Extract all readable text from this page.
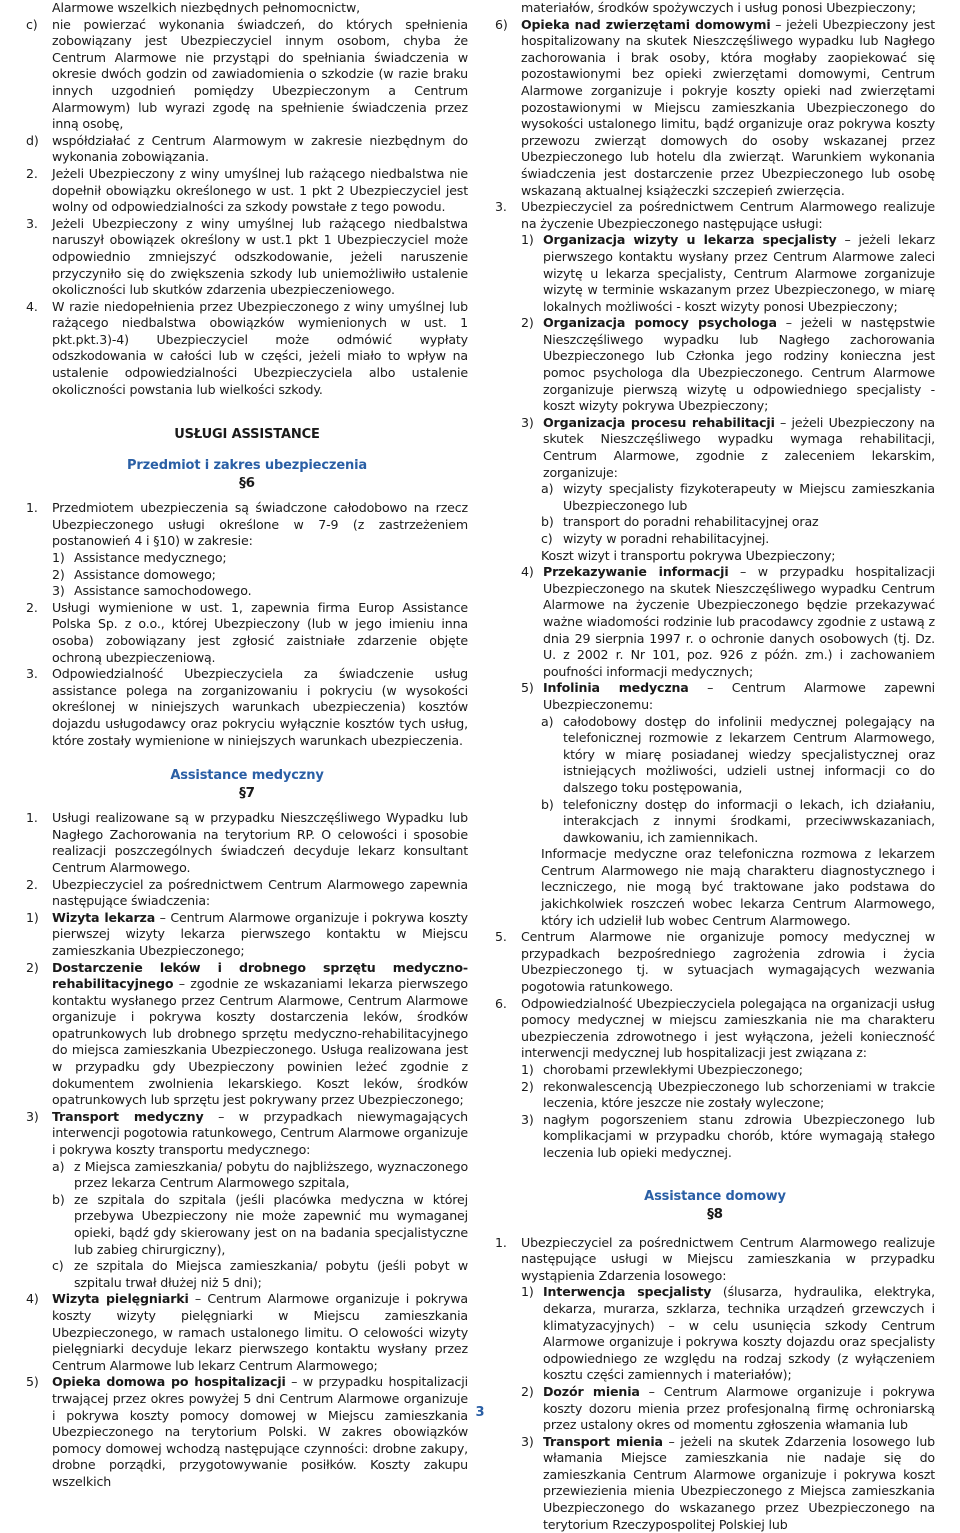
Alarmowe wszelkich niezbędnych pełnomocnictw,

c)	nie powierzać wykonania świadczeń, do których spełnienia zobowiązany jest Ubezpieczyciel innym osobom, chyba że Centrum Alarmowe nie przystąpi do spełniania świadczenia w okresie dwóch godzin od zawiadomienia o szkodzie (w razie braku innych uzgodnień pomiędzy Ubezpieczonym a Centrum Alarmowym) lub wyrazi zgodę na spełnienie świadczenia przez inną osobę,
d)	współdziałać z Centrum Alarmowym w zakresie niezbędnym do wykonania zobowiązania.
2.	Jeżeli Ubezpieczony z winy umyślnej lub rażącego niedbalstwa nie dopełnił obowiązku określonego w ust. 1 pkt 2 Ubezpieczyciel jest wolny od odpowiedzialności za szkody powstałe z tego powodu.
3.	Jeżeli Ubezpieczony z winy umyślnej lub rażącego niedbalstwa naruszył obowiązek określony w ust.1 pkt 1 Ubezpieczyciel może odpowiednio zmniejszyć odszkodowanie, jeżeli naruszenie przyczyniło się do zwiększenia szkody lub uniemożliwiło ustalenie okoliczności lub skutków zdarzenia ubezpieczeniowego.
4.	W razie niedopełnienia przez Ubezpieczonego z winy umyślnej lub rażącego niedbalstwa obowiązków wymienionych w ust. 1 pkt.pkt.3)-4) Ubezpieczyciel może odmówić wypłaty odszkodowania w całości lub w części, jeżeli miało to wpływ na ustalenie odpowiedzialności Ubezpieczyciela albo ustalenie okoliczności powstania lub wielkości szkody.

USŁUGI ASSISTANCE

Przedmiot i zakres ubezpieczenia

§6

1.	Przedmiotem ubezpieczenia są świadczone całodobowo na rzecz Ubezpieczonego usługi określone w 7-9 (z zastrzeżeniem postanowień 4 i §10) w zakresie:
1) Assistance medycznego;
2) Assistance domowego;
3) Assistance samochodowego.
2.	Usługi wymienione w ust. 1, zapewnia firma Europ Assistance Polska Sp. z o.o., której Ubezpieczony (lub w jego imieniu inna osoba) zobowiązany jest zgłosić zaistniałe zdarzenie objęte ochroną ubezpieczeniową.
3.	Odpowiedzialność Ubezpieczyciela za świadczenie usług assistance polega na zorganizowaniu i pokryciu (w wysokości określonej w niniejszych warunkach ubezpieczenia) kosztów dojazdu usługodawcy oraz pokryciu wyłącznie kosztów tych usług, które zostały wymienione w niniejszych warunkach ubezpieczenia.

Assistance medyczny

§7

1.	Usługi realizowane są w przypadku Nieszczęśliwego Wypadku lub Nagłego Zachorowania na terytorium RP. O celowości i sposobie realizacji poszczególnych świadczeń decyduje lekarz konsultant Centrum Alarmowego.
2.	Ubezpieczyciel za pośrednictwem Centrum Alarmowego zapewnia następujące świadczenia:
1)	Wizyta lekarza – Centrum Alarmowe organizuje i pokrywa koszty pierwszej wizyty lekarza pierwszego kontaktu w Miejscu zamieszkania Ubezpieczonego;
2)	Dostarczenie leków i drobnego sprzętu medyczno-rehabilitacyjnego – zgodnie ze wskazaniami lekarza pierwszego kontaktu wysłanego przez Centrum Alarmowe, Centrum Alarmowe organizuje i pokrywa koszty dostarczenia leków, środków opatrunkowych lub drobnego sprzętu medyczno-rehabilitacyjnego do miejsca zamieszkania Ubezpieczonego. Usługa realizowana jest w przypadku gdy Ubezpieczony powinien leżeć zgodnie z dokumentem zwolnienia lekarskiego. Koszt leków, środków opatrunkowych lub sprzętu jest pokrywany przez Ubezpieczonego;
3)	Transport medyczny – w przypadkach niewymagających interwencji pogotowia ratunkowego, Centrum Alarmowe organizuje i pokrywa koszty transportu medycznego:
a) z Miejsca zamieszkania/ pobytu do najbliższego, wyznaczonego przez lekarza Centrum Alarmowego szpitala,
b) ze szpitala do szpitala (jeśli placówka medyczna w której przebywa Ubezpieczony nie może zapewnić mu wymaganej opieki, bądź gdy skierowany jest on na badania specjalistyczne lub zabieg chirurgiczny),
c) ze szpitala do Miejsca zamieszkania/ pobytu (jeśli pobyt w szpitalu trwał dłużej niż 5 dni);
4)	Wizyta pielęgniarki – Centrum Alarmowe organizuje i pokrywa koszty wizyty pielęgniarki w Miejscu zamieszkania Ubezpieczonego, w ramach ustalonego limitu. O celowości wizyty pielęgniarki decyduje lekarz pierwszego kontaktu wysłany przez Centrum Alarmowe lub lekarz Centrum Alarmowego;
5)	Opieka domowa po hospitalizacji – w przypadku hospitalizacji trwającej przez okres powyżej 5 dni Centrum Alarmowe organizuje i pokrywa koszty pomocy domowej w Miejscu zamieszkania Ubezpieczonego na terytorium Polski. W zakres obowiązków pomocy domowej wchodzą następujące czynności: drobne zakupy, drobne porządki, przygotowywanie posiłków. Koszty zakupu wszelkich

materiałów, środków spożywczych i usług ponosi Ubezpieczony;

6)	Opieka nad zwierzętami domowymi – jeżeli Ubezpieczony jest hospitalizowany na skutek Nieszczęśliwego wypadku lub Nagłego zachorowania i brak osoby, która mogłaby zaopiekować się pozostawionymi bez opieki zwierzętami domowymi, Centrum Alarmowe zorganizuje i pokryje koszty opieki nad zwierzętami pozostawionymi w Miejscu zamieszkania Ubezpieczonego do wysokości ustalonego limitu, bądź organizuje oraz pokrywa koszty przewozu zwierząt domowych do osoby wskazanej przez Ubezpieczonego lub hotelu dla zwierząt. Warunkiem wykonania świadczenia jest dostarczenie przez Ubezpieczonego lub osobę wskazaną aktualnej książeczki szczepień zwierzęcia.
3.	Ubezpieczyciel za pośrednictwem Centrum Alarmowego realizuje na życzenie Ubezpieczonego następujące usługi:
1) Organizacja wizyty u lekarza specjalisty – jeżeli lekarz pierwszego kontaktu wysłany przez Centrum Alarmowe zaleci wizytę u lekarza specjalisty, Centrum Alarmowe zorganizuje wizytę w terminie wskazanym przez Ubezpieczonego, w miarę lokalnych możliwości - koszt wizyty ponosi Ubezpieczony;
2) Organizacja pomocy psychologa – jeżeli w następstwie Nieszczęśliwego wypadku lub Nagłego zachorowania Ubezpieczonego lub Członka jego rodziny konieczna jest pomoc psychologa dla Ubezpieczonego. Centrum Alarmowe zorganizuje pierwszą wizytę u odpowiedniego specjalisty - koszt wizyty pokrywa Ubezpieczony;
3) Organizacja procesu rehabilitacji – jeżeli Ubezpieczony na skutek Nieszczęśliwego wypadku wymaga rehabilitacji, Centrum Alarmowe, zgodnie z zaleceniem lekarskim, zorganizuje:
a) wizyty specjalisty fizykoterapeuty w Miejscu zamieszkania Ubezpieczonego lub
b) transport do poradni rehabilitacyjnej oraz
c) wizyty w poradni rehabilitacyjnej.

Koszt wizyt i transportu pokrywa Ubezpieczony;

4) Przekazywanie informacji – w przypadku hospitalizacji Ubezpieczonego na skutek Nieszczęśliwego wypadku Centrum Alarmowe na życzenie Ubezpieczonego będzie przekazywać ważne wiadomości rodzinie lub pracodawcy zgodnie z ustawą z dnia 29 sierpnia 1997 r. o ochronie danych osobowych (tj. Dz. U. z 2002 r. Nr 101, poz. 926 z późn. zm.) i zachowaniem poufności informacji medycznych;
5) Infolinia medyczna – Centrum Alarmowe zapewni Ubezpieczonemu:
a) całodobowy dostęp do infolinii medycznej polegający na telefonicznej rozmowie z lekarzem Centrum Alarmowego, który w miarę posiadanej wiedzy specjalistycznej oraz istniejących możliwości, udzieli ustnej informacji co do dalszego toku postępowania,
b) telefoniczny dostęp do informacji o lekach, ich działaniu, interakcjach z innymi środkami, przeciwwskazaniach, dawkowaniu, ich zamiennikach.

Informacje medyczne oraz telefoniczna rozmowa z lekarzem Centrum Alarmowego nie mają charakteru diagnostycznego i leczniczego, nie mogą być traktowane jako podstawa do jakichkolwiek roszczeń wobec lekarza Centrum Alarmowego, który ich udzielił lub wobec Centrum Alarmowego.

5.	Centrum Alarmowe nie organizuje pomocy medycznej w przypadkach bezpośredniego zagrożenia zdrowia i życia Ubezpieczonego tj. w sytuacjach wymagających wezwania pogotowia ratunkowego.
6.	Odpowiedzialność Ubezpieczyciela polegająca na organizacji usług pomocy medycznej w miejscu zamieszkania nie ma charakteru ubezpieczenia zdrowotnego i jest wyłączona, jeżeli konieczność interwencji medycznej lub hospitalizacji jest związana z:
1) chorobami przewlekłymi Ubezpieczonego;
2) rekonwalescencją Ubezpieczonego lub schorzeniami w trakcie leczenia, które jeszcze nie zostały wyleczone;
3) nagłym pogorszeniem stanu zdrowia Ubezpieczonego lub komplikacjami w przypadku chorób, które wymagają stałego leczenia lub opieki medycznej.

Assistance domowy

§8

1.	Ubezpieczyciel za pośrednictwem Centrum Alarmowego realizuje następujące usługi w Miejscu zamieszkania w przypadku wystąpienia Zdarzenia losowego:
1) Interwencja specjalisty (ślusarza, hydraulika, elektryka, dekarza, murarza, szklarza, technika urządzeń grzewczych i klimatyzacyjnych) – w celu usunięcia szkody Centrum Alarmowe organizuje i pokrywa koszty dojazdu oraz specjalisty odpowiedniego ze względu na rodzaj szkody (z wyłączeniem kosztu części zamiennych i materiałów);
2) Dozór mienia – Centrum Alarmowe organizuje i pokrywa koszty dozoru mienia przez profesjonalną firmę ochroniarską przez ustalony okres od momentu zgłoszenia włamania lub
3) Transport mienia – jeżeli na skutek Zdarzenia losowego lub włamania Miejsce zamieszkania nie nadaje się do zamieszkania Centrum Alarmowe organizuje i pokrywa koszt przewiezienia mienia Ubezpieczonego z Miejsca zamieszkania Ubezpieczonego do wskazanego przez Ubezpieczonego na terytorium Rzeczypospolitej Polskiej lub
3
